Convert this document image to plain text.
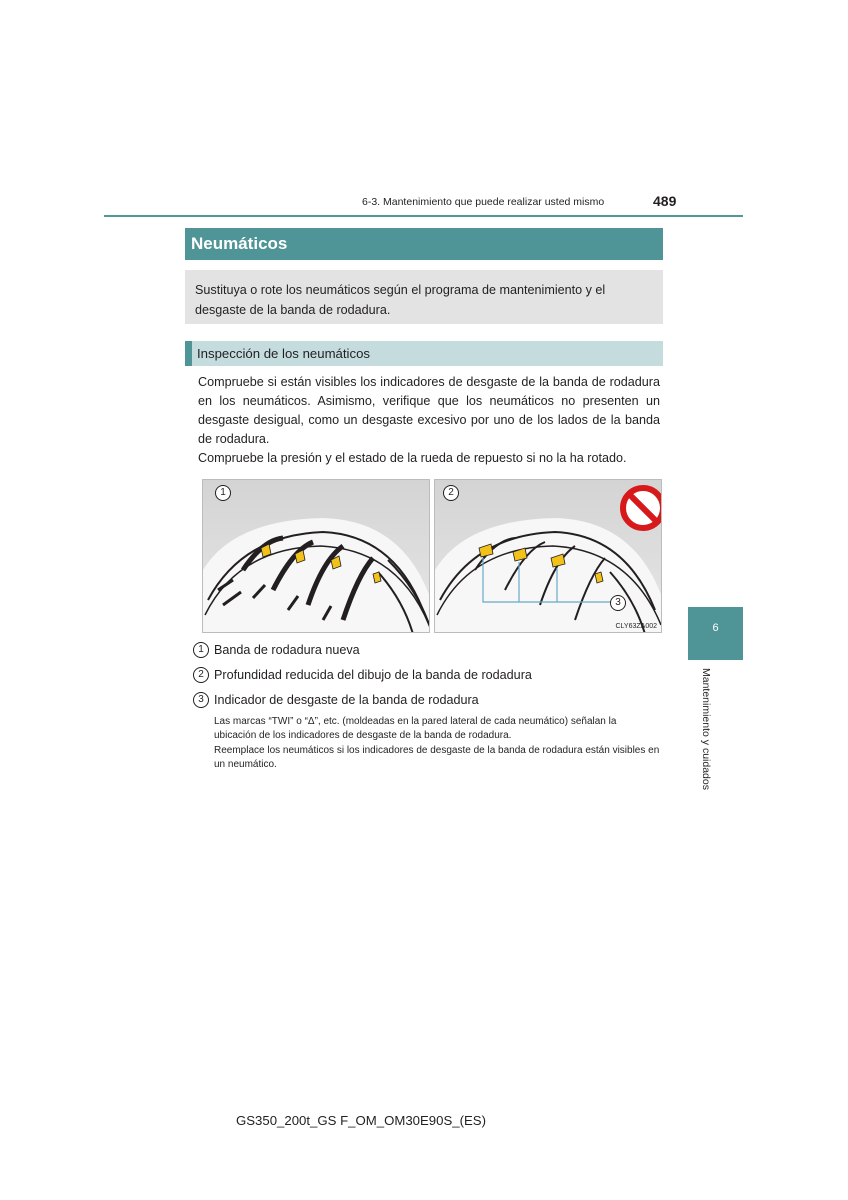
6-3. Mantenimiento que puede realizar usted mismo	489
Neumáticos
Sustituya o rote los neumáticos según el programa de mantenimiento y el desgaste de la banda de rodadura.
Inspección de los neumáticos

Compruebe si están visibles los indicadores de desgaste de la banda de rodadura en los neumáticos. Asimismo, verifique que los neumáticos no presenten un desgaste desigual, como un desgaste excesivo por uno de los lados de la banda de rodadura.

Compruebe la presión y el estado de la rueda de repuesto si no la ha rotado.

1	2
3
CLY63ZA002
1 Banda de rodadura nueva
2 Profundidad reducida del dibujo de la banda de rodadura
3 Indicador de desgaste de la banda de rodadura

Las marcas “TWI” o “Δ”, etc. (moldeadas en la pared lateral de cada neumático) señalan la ubicación de los indicadores de desgaste de la banda de rodadura.

Reemplace los neumáticos si los indicadores de desgaste de la banda de rodadura están visibles en un neumático.

6
Mantenimiento y cuidados
GS350_200t_GS F_OM_OM30E90S_(ES)
